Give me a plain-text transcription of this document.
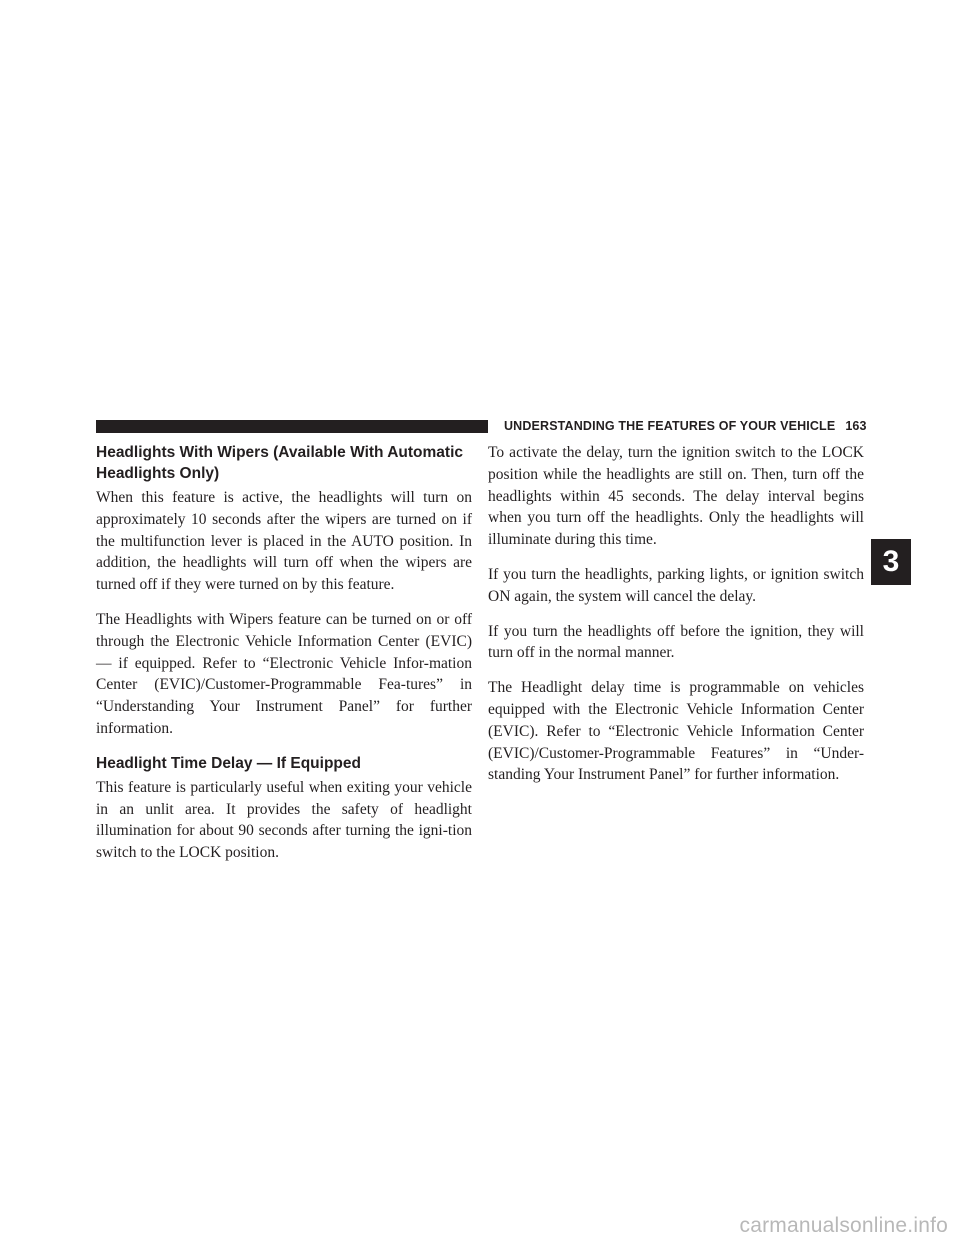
UNDERSTANDING THE FEATURES OF YOUR VEHICLE 163
Headlights With Wipers (Available With Automatic Headlights Only)

When this feature is active, the headlights will turn on approximately 10 seconds after the wipers are turned on if the multifunction lever is placed in the AUTO position. In addition, the headlights will turn off when the wipers are turned off if they were turned on by this feature.

The Headlights with Wipers feature can be turned on or off through the Electronic Vehicle Information Center (EVIC) — if equipped. Refer to “Electronic Vehicle Infor-mation Center (EVIC)/Customer-Programmable Fea-tures” in “Understanding Your Instrument Panel” for further information.

Headlight Time Delay — If Equipped

This feature is particularly useful when exiting your vehicle in an unlit area. It provides the safety of headlight illumination for about 90 seconds after turning the igni-tion switch to the LOCK position.

To activate the delay, turn the ignition switch to the LOCK position while the headlights are still on. Then, turn off the headlights within 45 seconds. The delay interval begins when you turn off the headlights. Only the headlights will illuminate during this time.

If you turn the headlights, parking lights, or ignition switch ON again, the system will cancel the delay.

If you turn the headlights off before the ignition, they will turn off in the normal manner.

The Headlight delay time is programmable on vehicles equipped with the Electronic Vehicle Information Center (EVIC). Refer to “Electronic Vehicle Information Center (EVIC)/Customer-Programmable Features” in “Under-standing Your Instrument Panel” for further information.

3
carmanualsonline.info
